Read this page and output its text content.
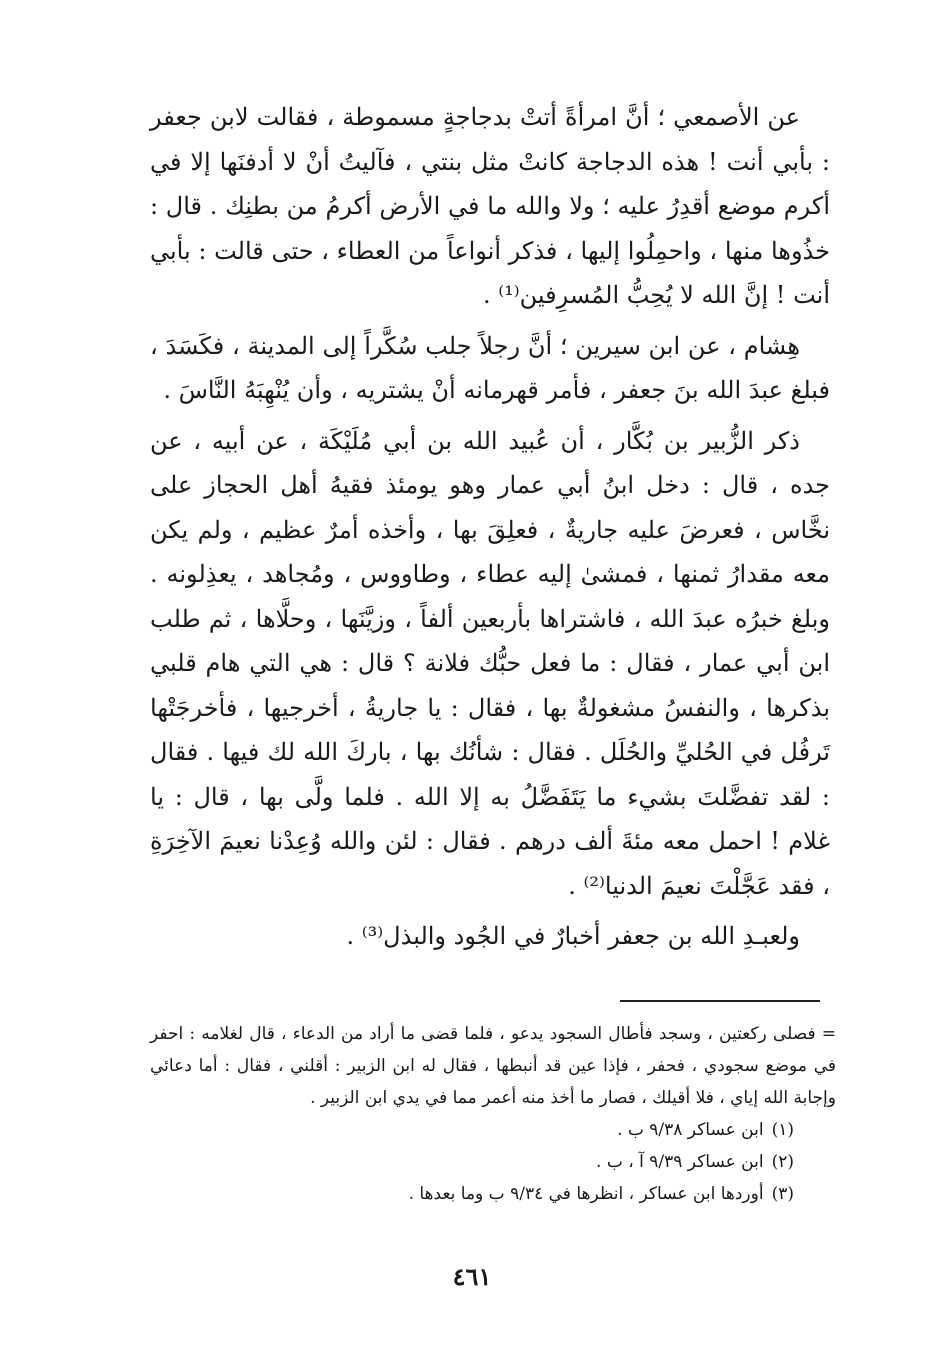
عن الأصمعي ؛ أنَّ امرأةً أتتْ بدجاجةٍ مسموطة ، فقالت لابن جعفر : بأبي أنت ! هذه الدجاجة كانتْ مثل بنتي ، فآليتُ أنْ لا أدفنَها إلا في أكرم موضع أقدِرُ عليه ؛ ولا والله ما في الأرض أكرمُ من بطنِك . قال : خذُوها منها ، واحمِلُوا إليها ، فذكر أنواعاً من العطاء ، حتى قالت : بأبي أنت ! إنَّ الله لا يُحِبُّ المُسرِفين⁽¹⁾ .

هِشام ، عن ابن سيرين ؛ أنَّ رجلاً جلب سُكَّراً إلى المدينة ، فكَسَدَ ، فبلغ عبدَ الله بنَ جعفر ، فأمر قهرمانه أنْ يشتريه ، وأن يُنْهِبَهُ النَّاسَ .

ذكر الزُّبير بن بُكَّار ، أن عُبيد الله بن أبي مُلَيْكَة ، عن أبيه ، عن جده ، قال : دخل ابنُ أبي عمار وهو يومئذ فقيهُ أهل الحجاز على نخَّاس ، فعرضَ عليه جاريةٌ ، فعلِقَ بها ، وأخذه أمرٌ عظيم ، ولم يكن معه مقدارُ ثمنها ، فمشىٰ إليه عطاء ، وطاووس ، ومُجاهد ، يعذِلونه . وبلغ خبرُه عبدَ الله ، فاشتراها بأربعين ألفاً ، وزيَّنَها ، وحلَّاها ، ثم طلب ابن أبي عمار ، فقال : ما فعل حبُّك فلانة ؟ قال : هي التي هام قلبي بذكرها ، والنفسُ مشغولةٌ بها ، فقال : يا جاريةُ ، أخرجيها ، فأخرجَتْها تَرفُل في الحُليِّ والحُلَل . فقال : شأنُك بها ، باركَ الله لك فيها . فقال : لقد تفضَّلتَ بشيء ما يَتَفَضَّلُ به إلا الله . فلما ولَّى بها ، قال : يا غلام ! احمل معه مئةَ ألف درهم . فقال : لئن والله وُعِدْنا نعيمَ الآخِرَةِ ، فقد عَجَّلْتَ نعيمَ الدنيا⁽²⁾ .

ولعبـدِ الله بن جعفر أخبارٌ في الجُود والبذل⁽³⁾ .

= فصلى ركعتين ، وسجد فأطال السجود يدعو ، فلما قضى ما أراد من الدعاء ، قال لغلامه : احفر في موضع سجودي ، فحفر ، فإذا عين قد أنبطها ، فقال له ابن الزبير : أقلني ، فقال : أما دعائي وإجابة الله إياي ، فلا أقيلك ، فصار ما أخذ منه أعمر مما في يدي ابن الزبير .

(١)ابن عساكر ٩/٣٨ ب .

(٢)ابن عساكر ٩/٣٩ آ ، ب .

(٣)أوردها ابن عساكر ، انظرها في ٩/٣٤ ب وما بعدها .

٤٦١
